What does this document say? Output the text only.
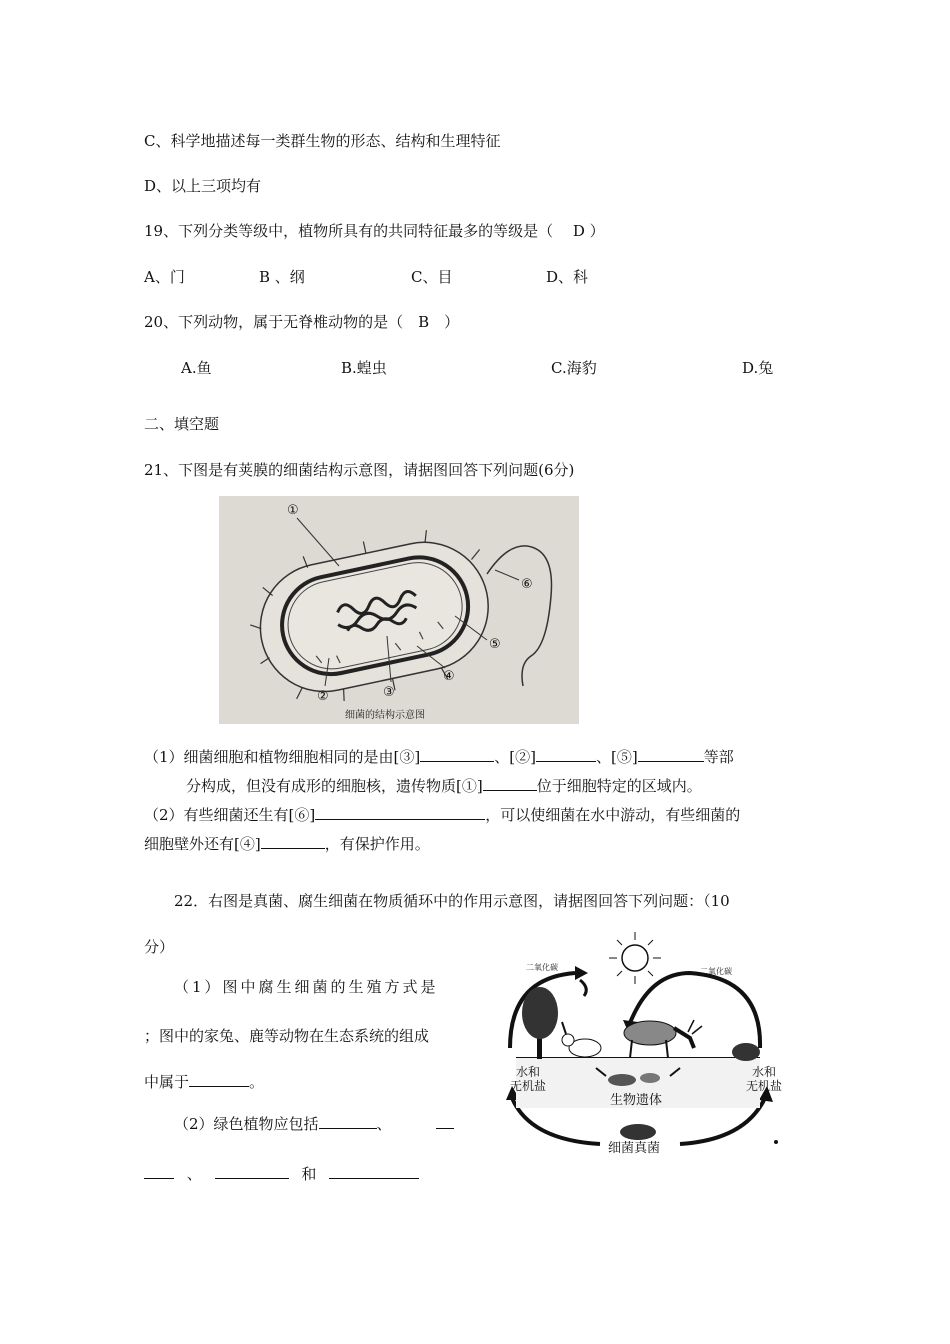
C、科学地描述每一类群生物的形态、结构和生理特征
D、以上三项均有
19、下列分类等级中，植物所具有的共同特征最多的等级是（　 D ）
A、门	B 、纲	C、目	D、科
20、下列动物，属于无脊椎动物的是（　B　）
A.鱼	B.蝗虫	C.海豹	D.兔
二、填空题
21、下图是有荚膜的细菌结构示意图，请据图回答下列问题(6分)
①
②	③
④
⑤
⑥
细菌的结构示意图
（1）细菌细胞和植物细胞相同的是由[③]	、[②]	、[⑤]	等部
分构成，但没有成形的细胞核，遗传物质[①]	位于细胞特定的区域内。
（2）有些细菌还生有[⑥]	，可以使细菌在水中游动，有些细菌的
细胞壁外还有[④]	，有保护作用。
22．右图是真菌、腐生细菌在物质循环中的作用示意图，请据图回答下列问题：（10
分）
（1）图中腐生细菌的生殖方式是
；图中的家兔、鹿等动物在生态系统的组成
中属于	。
（2）绿色植物应包括	、
、	和
二氧化碳	二氧化碳
生物遗体
水和
无机盐
水和
无机盐
细菌真菌
